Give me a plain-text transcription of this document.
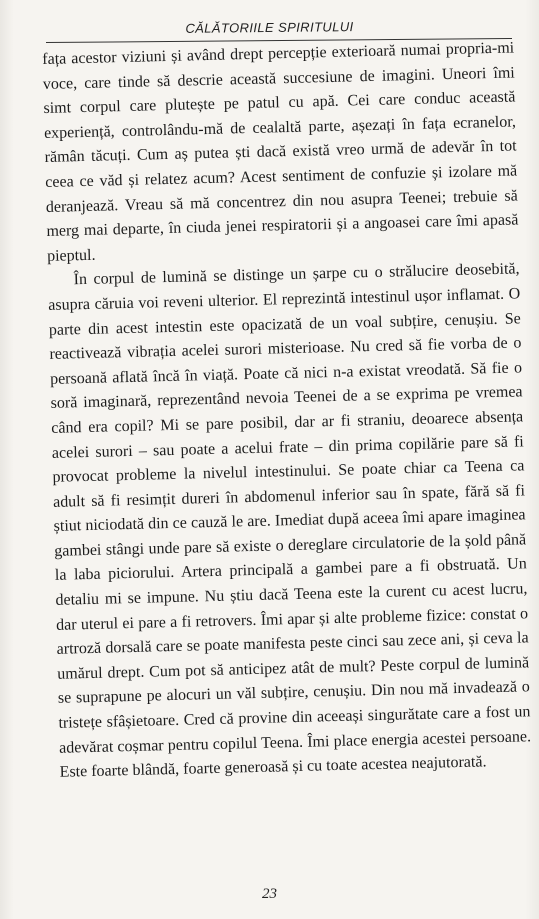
CĂLĂTORIILE SPIRITULUI

fața acestor viziuni și având drept percepție exterioară numai propria-mi voce, care tinde să descrie această succesiune de imagini. Uneori îmi simt corpul care plutește pe patul cu apă. Cei care conduc această experiență, controlându-mă de cealaltă parte, așezați în fața ecranelor, rămân tăcuți. Cum aș putea ști dacă există vreo urmă de adevăr în tot ceea ce văd și relatez acum? Acest sentiment de confuzie și izolare mă deranjează. Vreau să mă concentrez din nou asupra Teenei; trebuie să merg mai departe, în ciuda jenei respiratorii și a angoasei care îmi apasă pieptul.

În corpul de lumină se distinge un șarpe cu o strălucire deosebită, asupra căruia voi reveni ulterior. El reprezintă intestinul ușor inflamat. O parte din acest intestin este opacizată de un voal subțire, cenușiu. Se reactivează vibrația acelei surori misterioase. Nu cred să fie vorba de o persoană aflată încă în viață. Poate că nici n-a existat vreodată. Să fie o soră imaginară, reprezentând nevoia Teenei de a se exprima pe vremea când era copil? Mi se pare posibil, dar ar fi straniu, deoarece absența acelei surori – sau poate a acelui frate – din prima copilărie pare să fi provocat probleme la nivelul intestinului. Se poate chiar ca Teena ca adult să fi resimțit dureri în abdomenul inferior sau în spate, fără să fi știut niciodată din ce cauză le are. Imediat după aceea îmi apare imaginea gambei stângi unde pare să existe o dereglare circulatorie de la șold până la laba piciorului. Artera principală a gambei pare a fi obstruată. Un detaliu mi se impune. Nu știu dacă Teena este la curent cu acest lucru, dar uterul ei pare a fi retrovers. Îmi apar și alte probleme fizice: constat o artroză dorsală care se poate manifesta peste cinci sau zece ani, și ceva la umărul drept. Cum pot să anticipez atât de mult? Peste corpul de lumină se suprapune pe alocuri un văl subțire, cenușiu. Din nou mă invadează o tristețe sfâșietoare. Cred că provine din aceeași singurătate care a fost un adevărat coșmar pentru copilul Teena. Îmi place energia acestei persoane. Este foarte blândă, foarte generoasă și cu toate acestea neajutorată.

23
